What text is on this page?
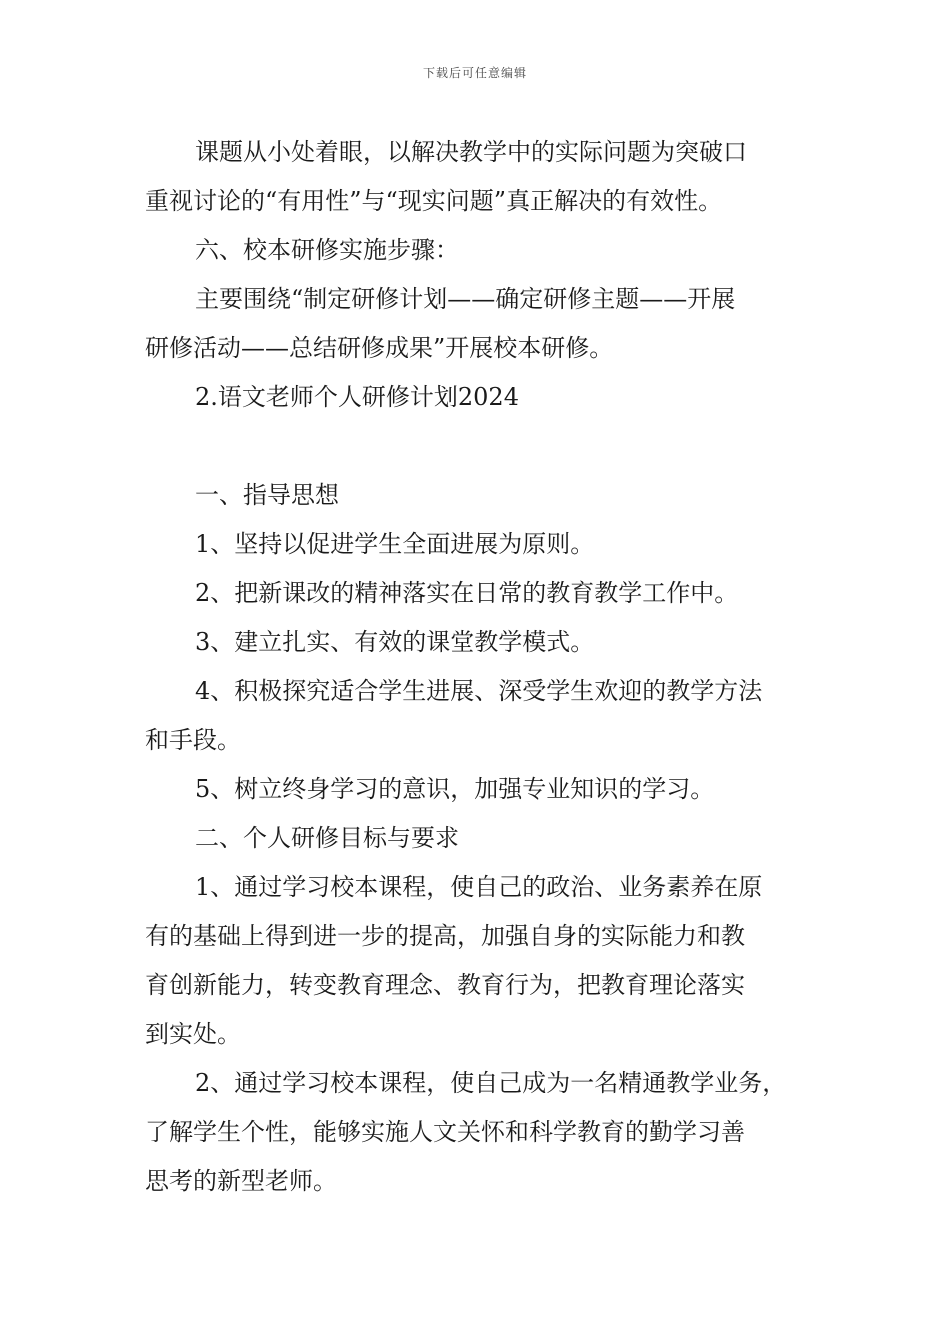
下载后可任意编辑
课题从小处着眼，以解决教学中的实际问题为突破口
重视讨论的“有用性”与“现实问题”真正解决的有效性。
六、校本研修实施步骤：
主要围绕“制定研修计划——确定研修主题——开展
研修活动——总结研修成果”开展校本研修。
2.语文老师个人研修计划2024
一、指导思想
1、坚持以促进学生全面进展为原则。
2、把新课改的精神落实在日常的教育教学工作中。
3、建立扎实、有效的课堂教学模式。
4、积极探究适合学生进展、深受学生欢迎的教学方法
和手段。
5、树立终身学习的意识，加强专业知识的学习。
二、个人研修目标与要求
1、通过学习校本课程，使自己的政治、业务素养在原
有的基础上得到进一步的提高，加强自身的实际能力和教
育创新能力，转变教育理念、教育行为，把教育理论落实
到实处。
2、通过学习校本课程，使自己成为一名精通教学业务，
了解学生个性，能够实施人文关怀和科学教育的勤学习善
思考的新型老师。
